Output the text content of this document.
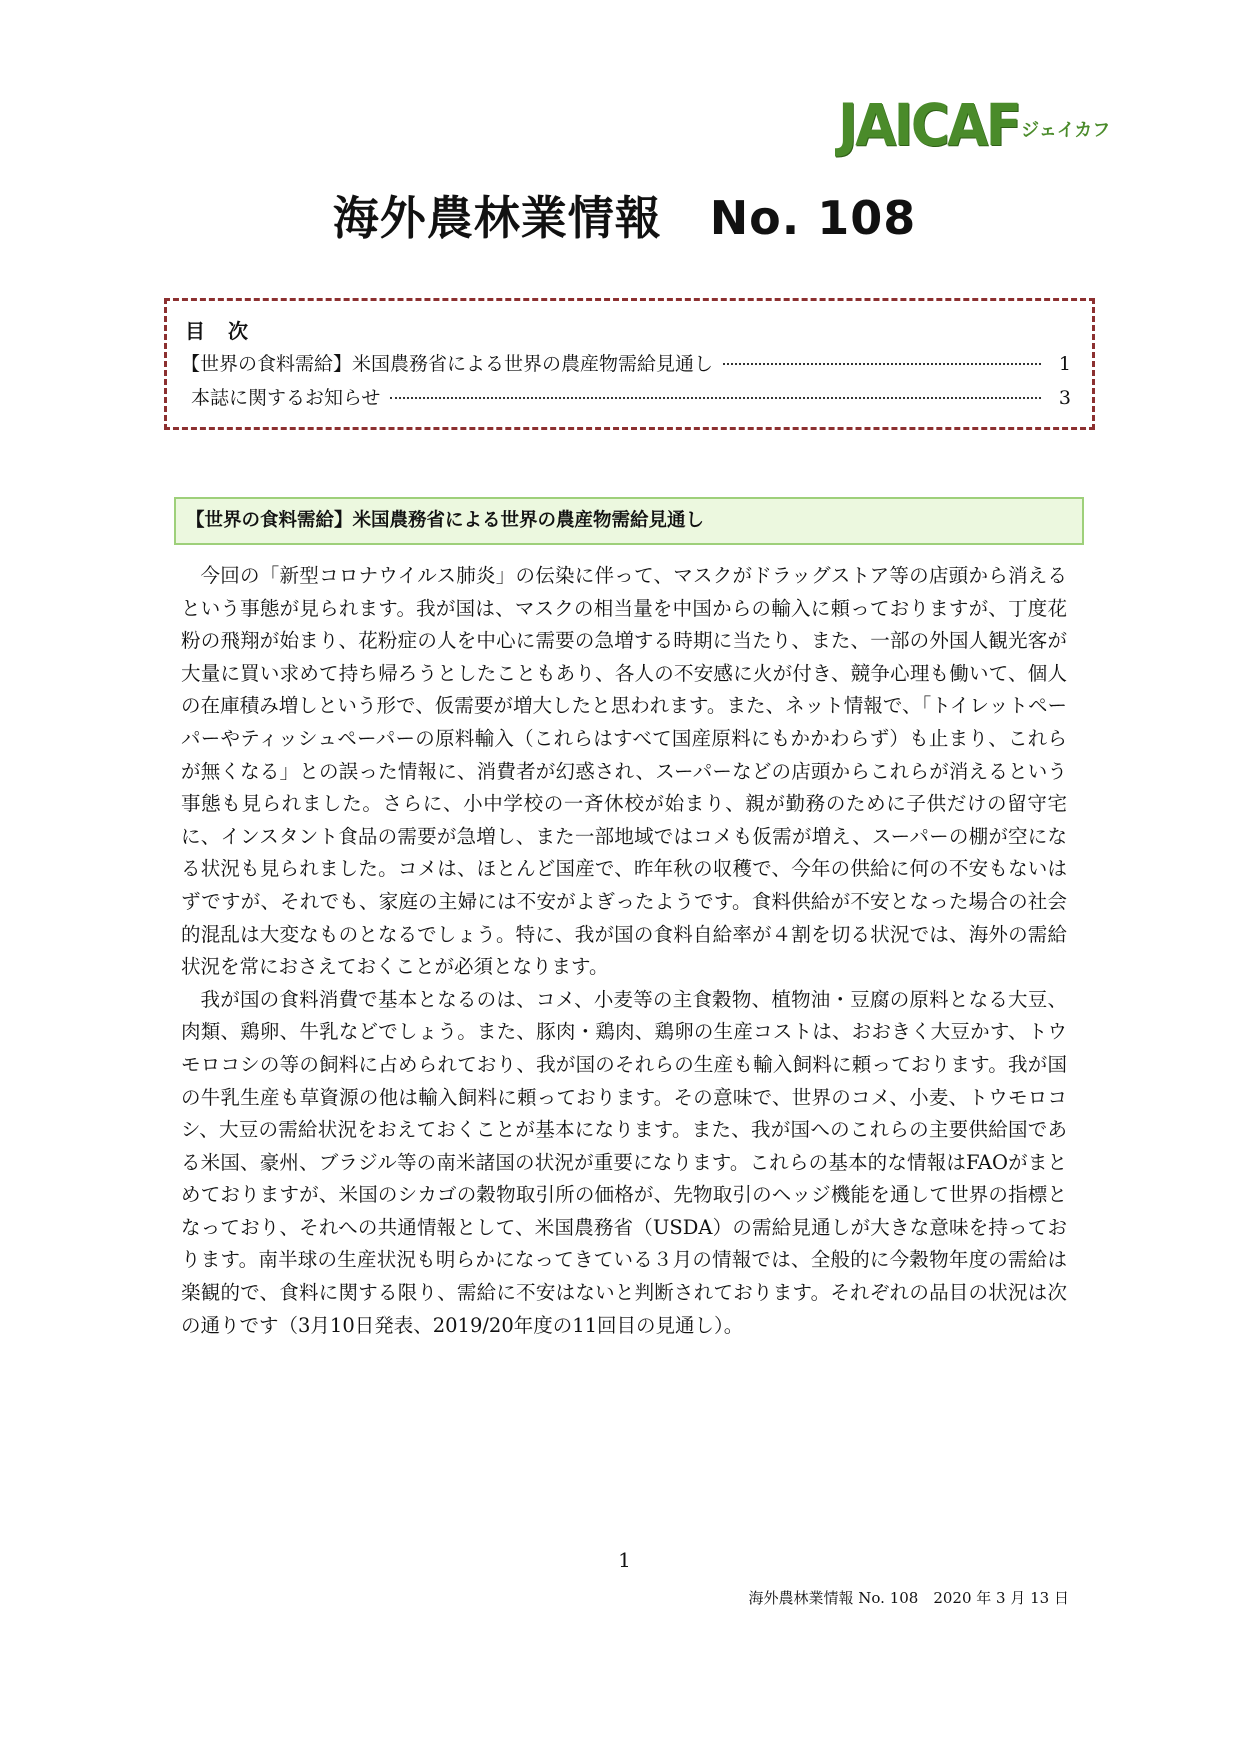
JAICAF ジェイカフ
海外農林業情報 No. 108
目 次
【世界の食料需給】米国農務省による世界の農産物需給見通し	1
本誌に関するお知らせ	3
【世界の食料需給】米国農務省による世界の農産物需給見通し

今回の「新型コロナウイルス肺炎」の伝染に伴って、マスクがドラッグストア等の店頭から消えるという事態が見られます。我が国は、マスクの相当量を中国からの輸入に頼っておりますが、丁度花粉の飛翔が始まり、花粉症の人を中心に需要の急増する時期に当たり、また、一部の外国人観光客が大量に買い求めて持ち帰ろうとしたこともあり、各人の不安感に火が付き、競争心理も働いて、個人の在庫積み増しという形で、仮需要が増大したと思われます。また、ネット情報で、「トイレットペーパーやティッシュペーパーの原料輸入（これらはすべて国産原料にもかかわらず）も止まり、これらが無くなる」との誤った情報に、消費者が幻惑され、スーパーなどの店頭からこれらが消えるという事態も見られました。さらに、小中学校の一斉休校が始まり、親が勤務のために子供だけの留守宅に、インスタント食品の需要が急増し、また一部地域ではコメも仮需が増え、スーパーの棚が空になる状況も見られました。コメは、ほとんど国産で、昨年秋の収穫で、今年の供給に何の不安もないはずですが、それでも、家庭の主婦には不安がよぎったようです。食料供給が不安となった場合の社会的混乱は大変なものとなるでしょう。特に、我が国の食料自給率が４割を切る状況では、海外の需給状況を常におさえておくことが必須となります。

我が国の食料消費で基本となるのは、コメ、小麦等の主食穀物、植物油・豆腐の原料となる大豆、肉類、鶏卵、牛乳などでしょう。また、豚肉・鶏肉、鶏卵の生産コストは、おおきく大豆かす、トウモロコシの等の飼料に占められており、我が国のそれらの生産も輸入飼料に頼っております。我が国の牛乳生産も草資源の他は輸入飼料に頼っております。その意味で、世界のコメ、小麦、トウモロコシ、大豆の需給状況をおえておくことが基本になります。また、我が国へのこれらの主要供給国である米国、豪州、ブラジル等の南米諸国の状況が重要になります。これらの基本的な情報はFAOがまとめておりますが、米国のシカゴの穀物取引所の価格が、先物取引のヘッジ機能を通して世界の指標となっており、それへの共通情報として、米国農務省（USDA）の需給見通しが大きな意味を持っております。南半球の生産状況も明らかになってきている３月の情報では、全般的に今穀物年度の需給は楽観的で、食料に関する限り、需給に不安はないと判断されております。それぞれの品目の状況は次の通りです（3月10日発表、2019/20年度の11回目の見通し）。

1
海外農林業情報 No. 108　2020 年 3 月 13 日
